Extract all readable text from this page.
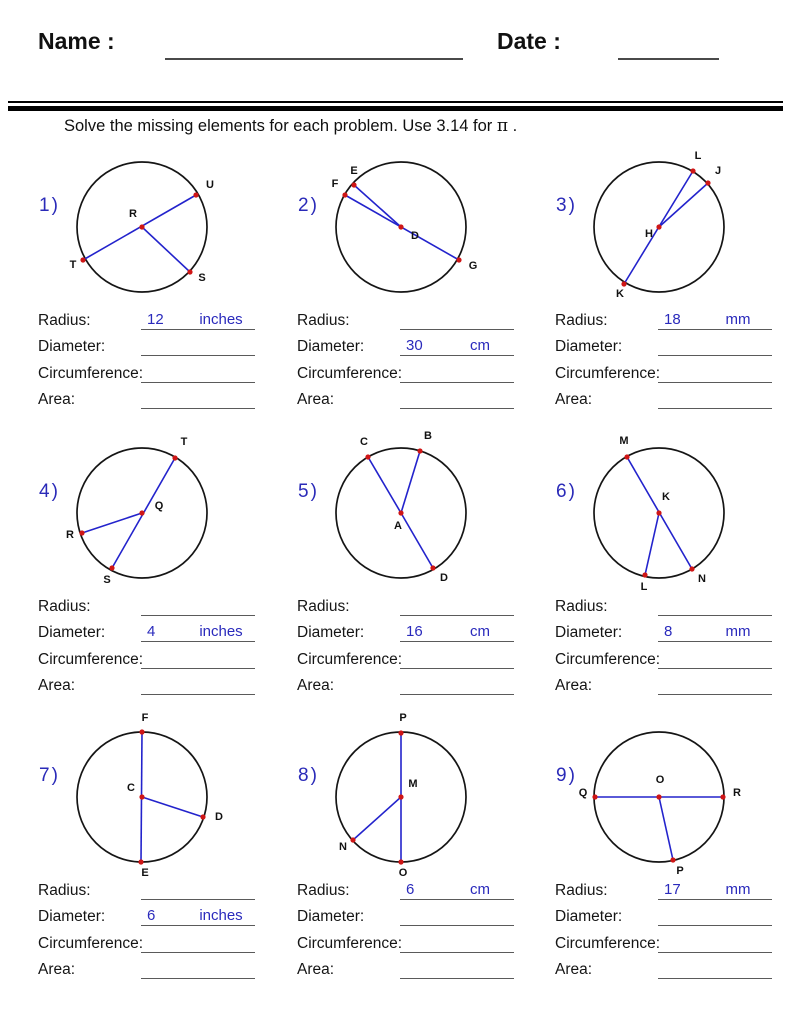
Name :	Date :
Solve the missing elements for each problem. Use 3.14 for π .
1)	R
U
T
S
Radius:	12	inches
Diameter:
Circumference:
Area:
2)
D
E
F
G
Radius:
Diameter:	30	cm
Circumference:
Area:
3)
H
L
J
K
Radius:	18	mm
Diameter:
Circumference:
Area:
4)
Q
T
R
S
Radius:
Diameter:	4	inches
Circumference:
Area:
5)
A
C	B
D
Radius:
Diameter:	16	cm
Circumference:
Area:
6)	K
M
L
N
Radius:
Diameter:	8	mm
Circumference:
Area:
7)
C
F
E
D
Radius:
Diameter:	6	inches
Circumference:
Area:
8)	M
P
O
N
Radius:	6	cm
Diameter:
Circumference:
Area:
9)	O
Q	R
P
Radius:	17	mm
Diameter:
Circumference:
Area:
